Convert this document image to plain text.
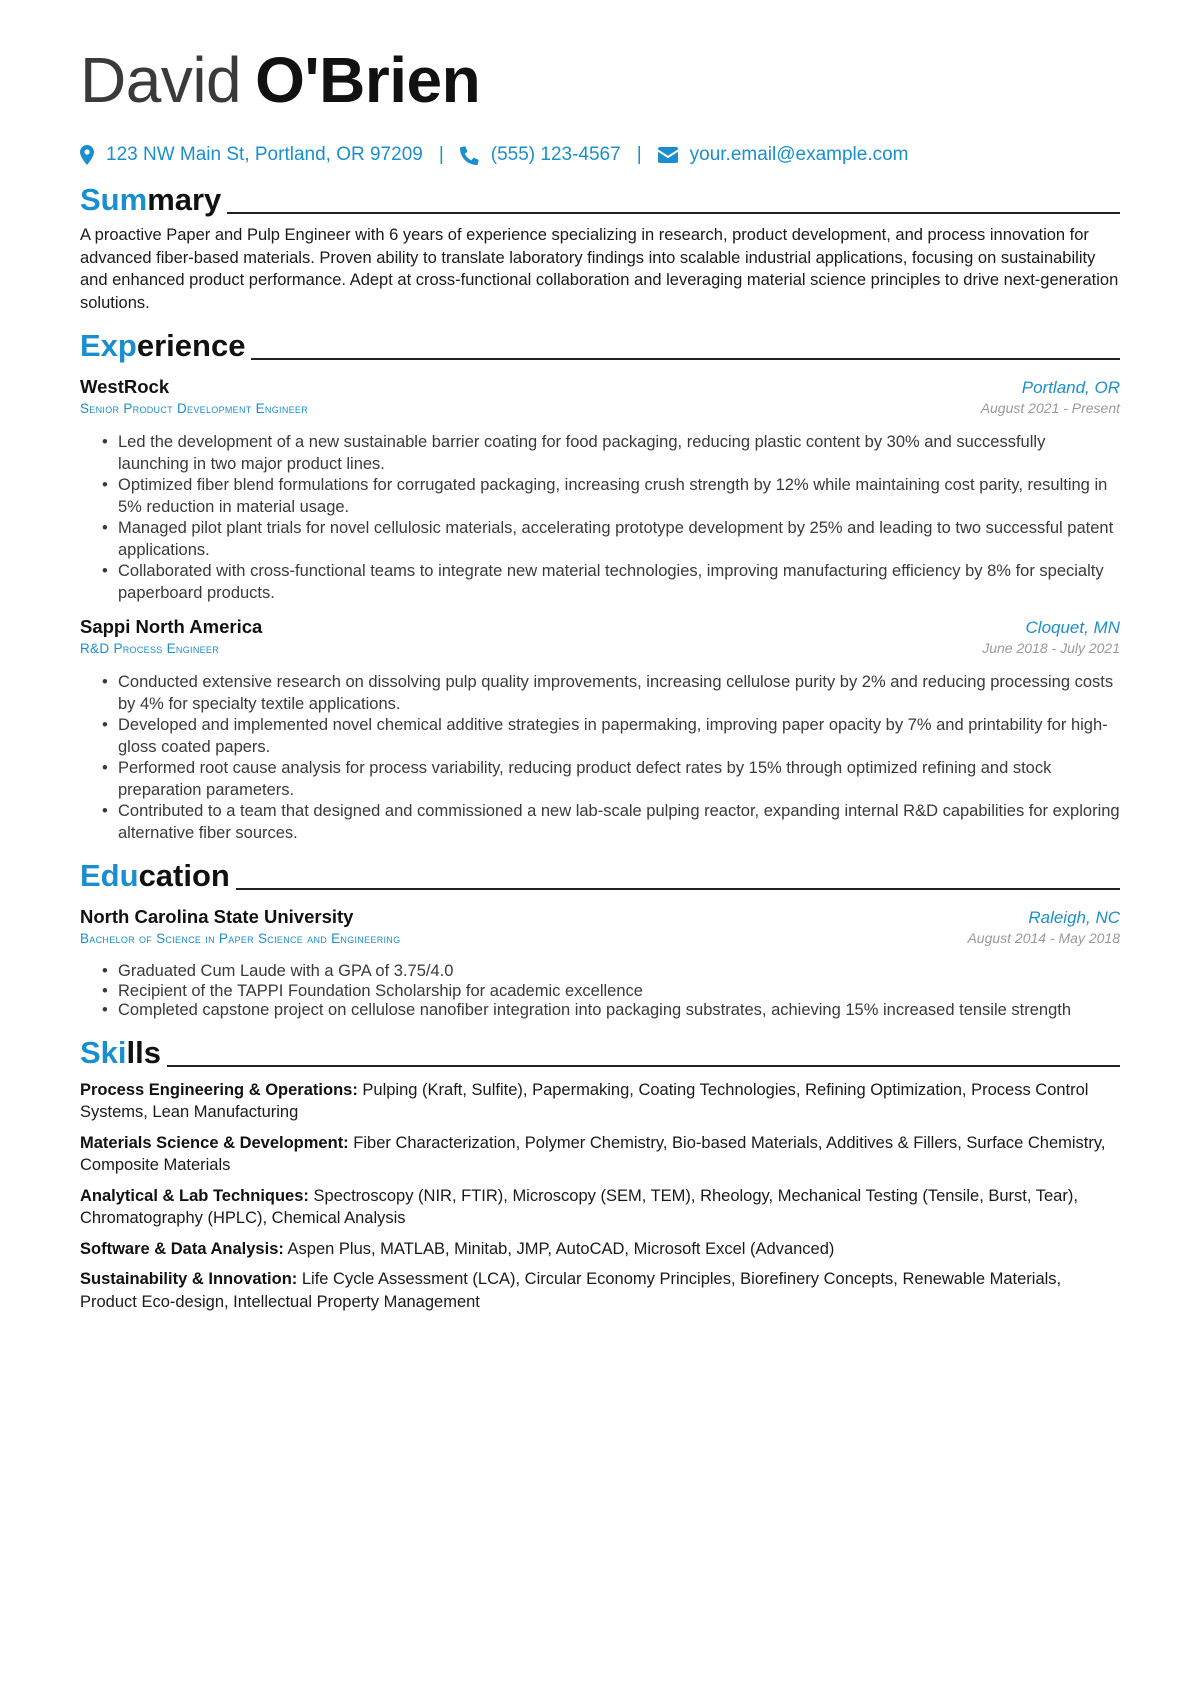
David O'Brien
123 NW Main St, Portland, OR 97209 | (555) 123-4567 |	your.email@example.com
Summary
A proactive Paper and Pulp Engineer with 6 years of experience specializing in research, product development, and process innovation for advanced fiber-based materials. Proven ability to translate laboratory findings into scalable industrial applications, focusing on sustainability and enhanced product performance. Adept at cross-functional collaboration and leveraging material science principles to drive next-generation solutions.
Experience
WestRock	Portland, OR
Senior Product Development Engineer	August 2021 - Present
• Led the development of a new sustainable barrier coating for food packaging, reducing plastic content by 30% and successfully launching in two major product lines.
• Optimized fiber blend formulations for corrugated packaging, increasing crush strength by 12% while maintaining cost parity, resulting in 5% reduction in material usage.
• Managed pilot plant trials for novel cellulosic materials, accelerating prototype development by 25% and leading to two successful patent applications.
• Collaborated with cross-functional teams to integrate new material technologies, improving manufacturing efficiency by 8% for specialty paperboard products.
Sappi North America	Cloquet, MN
R&D Process Engineer	June 2018 - July 2021
• Conducted extensive research on dissolving pulp quality improvements, increasing cellulose purity by 2% and reducing processing costs by 4% for specialty textile applications.
• Developed and implemented novel chemical additive strategies in papermaking, improving paper opacity by 7% and printability for high-gloss coated papers.
• Performed root cause analysis for process variability, reducing product defect rates by 15% through optimized refining and stock preparation parameters.
• Contributed to a team that designed and commissioned a new lab-scale pulping reactor, expanding internal R&D capabilities for exploring alternative fiber sources.
Education
North Carolina State University	Raleigh, NC
Bachelor of Science in Paper Science and Engineering	August 2014 - May 2018
• Graduated Cum Laude with a GPA of 3.75/4.0
• Recipient of the TAPPI Foundation Scholarship for academic excellence
• Completed capstone project on cellulose nanofiber integration into packaging substrates, achieving 15% increased tensile strength
Skills
Process Engineering & Operations: Pulping (Kraft, Sulfite), Papermaking, Coating Technologies, Refining Optimization, Process Control Systems, Lean Manufacturing
Materials Science & Development: Fiber Characterization, Polymer Chemistry, Bio-based Materials, Additives & Fillers, Surface Chemistry, Composite Materials
Analytical & Lab Techniques: Spectroscopy (NIR, FTIR), Microscopy (SEM, TEM), Rheology, Mechanical Testing (Tensile, Burst, Tear), Chromatography (HPLC), Chemical Analysis
Software & Data Analysis: Aspen Plus, MATLAB, Minitab, JMP, AutoCAD, Microsoft Excel (Advanced)
Sustainability & Innovation: Life Cycle Assessment (LCA), Circular Economy Principles, Biorefinery Concepts, Renewable Materials, Product Eco-design, Intellectual Property Management
